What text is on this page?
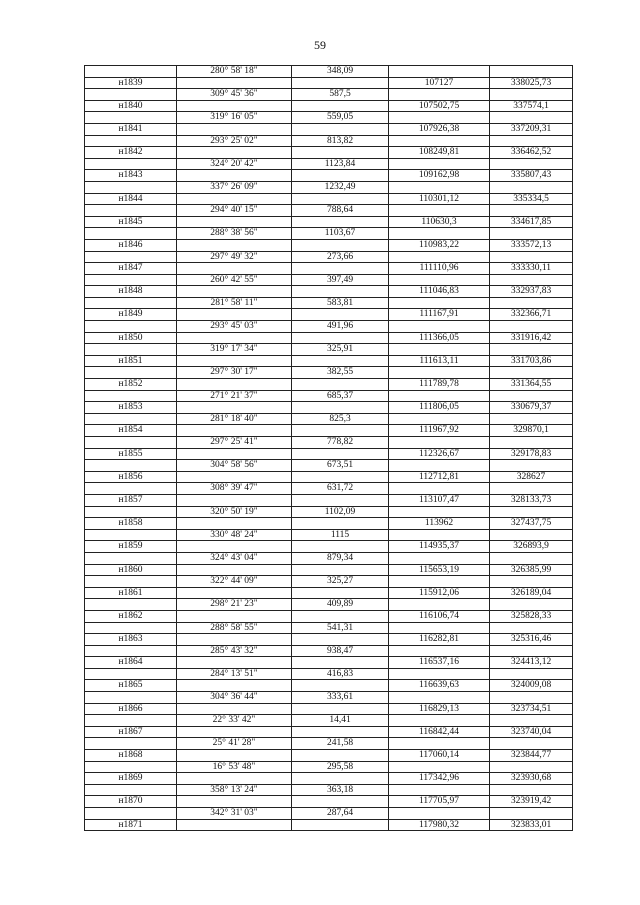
59
	280° 58' 18"	348,09		
н1839			107127	338025,73
	309° 45' 36"	587,5		
н1840			107502,75	337574,1
	319° 16' 05"	559,05		
н1841			107926,38	337209,31
	293° 25' 02"	813,82		
н1842			108249,81	336462,52
	324° 20' 42"	1123,84		
н1843			109162,98	335807,43
	337° 26' 09"	1232,49		
н1844			110301,12	335334,5
	294° 40' 15"	788,64		
н1845			110630,3	334617,85
	288° 38' 56"	1103,67		
н1846			110983,22	333572,13
	297° 49' 32"	273,66		
н1847			111110,96	333330,11
	260° 42' 55"	397,49		
н1848			111046,83	332937,83
	281° 58' 11"	583,81		
н1849			111167,91	332366,71
	293° 45' 03"	491,96		
н1850			111366,05	331916,42
	319° 17' 34"	325,91		
н1851			111613,11	331703,86
	297° 30' 17"	382,55		
н1852			111789,78	331364,55
	271° 21' 37"	685,37		
н1853			111806,05	330679,37
	281° 18' 40"	825,3		
н1854			111967,92	329870,1
	297° 25' 41"	778,82		
н1855			112326,67	329178,83
	304° 58' 56"	673,51		
н1856			112712,81	328627
	308° 39' 47"	631,72		
н1857			113107,47	328133,73
	320° 50' 19"	1102,09		
н1858			113962	327437,75
	330° 48' 24"	1115		
н1859			114935,37	326893,9
	324° 43' 04"	879,34		
н1860			115653,19	326385,99
	322° 44' 09"	325,27		
н1861			115912,06	326189,04
	298° 21' 23"	409,89		
н1862			116106,74	325828,33
	288° 58' 55"	541,31		
н1863			116282,81	325316,46
	285° 43' 32"	938,47		
н1864			116537,16	324413,12
	284° 13' 51"	416,83		
н1865			116639,63	324009,08
	304° 36' 44"	333,61		
н1866			116829,13	323734,51
	22° 33' 42"	14,41		
н1867			116842,44	323740,04
	25° 41' 28"	241,58		
н1868			117060,14	323844,77
	16° 53' 48"	295,58		
н1869			117342,96	323930,68
	358° 13' 24"	363,18		
н1870			117705,97	323919,42
	342° 31' 03"	287,64		
н1871			117980,32	323833,01
